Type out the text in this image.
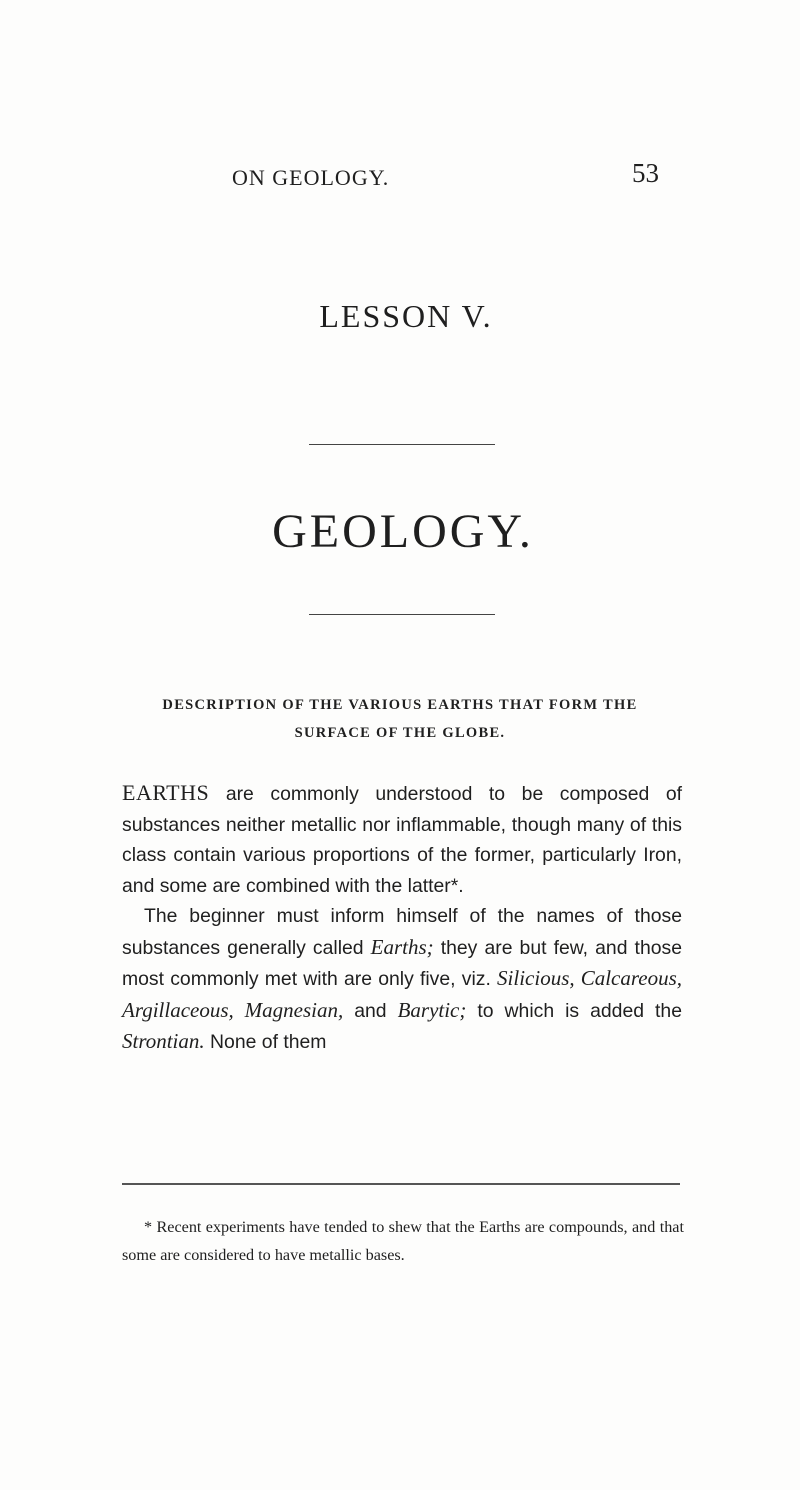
ON GEOLOGY.	53
LESSON V.
GEOLOGY.
DESCRIPTION OF THE VARIOUS EARTHS THAT FORM THE
SURFACE OF THE GLOBE.

EARTHS are commonly understood to be composed of substances neither metallic nor inflammable, though many of this class contain various proportions of the former, particularly Iron, and some are combined with the latter*.

The beginner must inform himself of the names of those substances generally called Earths; they are but few, and those most commonly met with are only five, viz. Silicious, Calcareous, Argillaceous, Magnesian, and Barytic; to which is added the Strontian. None of them

* Recent experiments have tended to shew that the Earths are compounds, and that some are considered to have metallic bases.
